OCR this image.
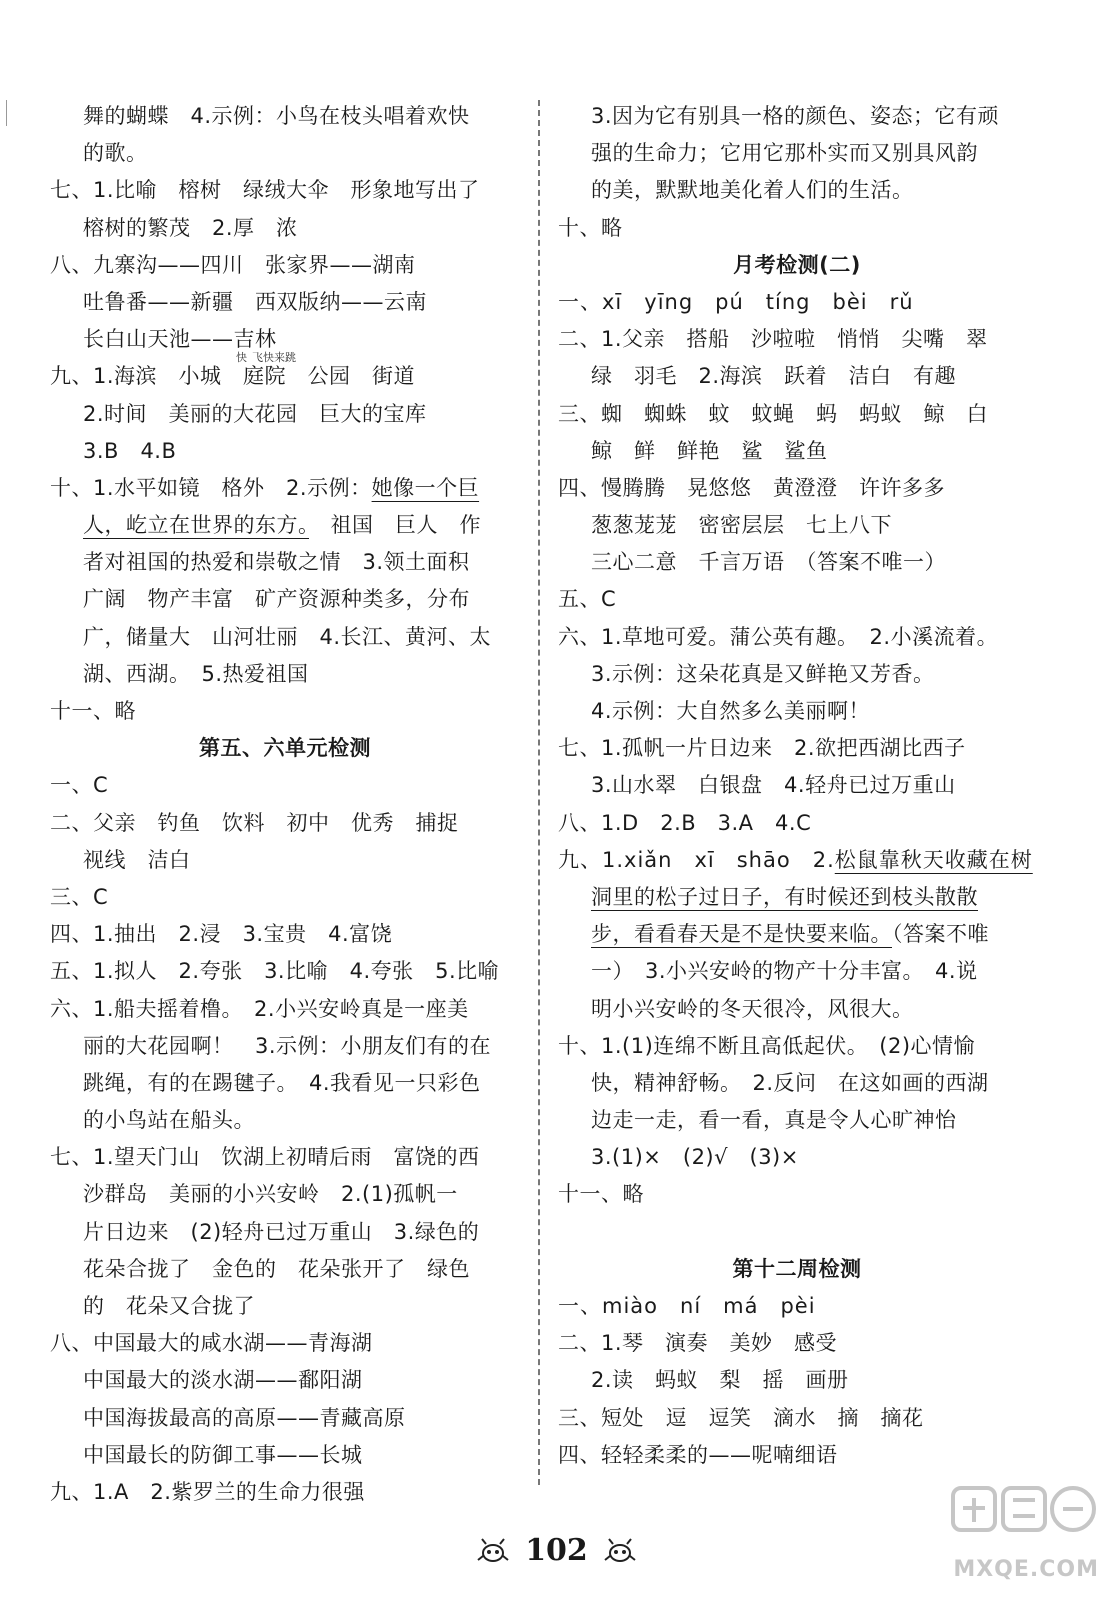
舞的蝴蝶　4.示例：小鸟在枝头唱着欢快
的歌。
七、1.比喻　榕树　绿绒大伞　形象地写出了
榕树的繁茂　2.厚　浓
八、九寨沟——四川　张家界——湖南
吐鲁番——新疆　西双版纳——云南
长白山天池——吉林
九、1.海滨　小城　庭院　公园　街道
2.时间　美丽的大花园　巨大的宝库
3.B　4.B
十、1.水平如镜　格外　2.示例：她像一个巨
人，屹立在世界的东方。　祖国　巨人　作
者对祖国的热爱和崇敬之情　3.领土面积
广阔　物产丰富　矿产资源种类多，分布
广，储量大　山河壮丽　4.长江、黄河、太
湖、西湖。　5.热爱祖国
十一、略
第五、六单元检测
一、C
二、父亲　钓鱼　饮料　初中　优秀　捕捉
视线　洁白
三、C
四、1.抽出　2.浸　3.宝贵　4.富饶
五、1.拟人　2.夸张　3.比喻　4.夸张　5.比喻
六、1.船夫摇着橹。　2.小兴安岭真是一座美
丽的大花园啊！　3.示例：小朋友们有的在
跳绳，有的在踢毽子。　4.我看见一只彩色
的小鸟站在船头。
七、1.望天门山　饮湖上初晴后雨　富饶的西
沙群岛　美丽的小兴安岭　2.(1)孤帆一
片日边来　(2)轻舟已过万重山　3.绿色的
花朵合拢了　金色的　花朵张开了　绿色
的　花朵又合拢了
八、中国最大的咸水湖——青海湖
中国最大的淡水湖——鄱阳湖
中国海拔最高的高原——青藏高原
中国最长的防御工事——长城
九、1.A　2.紫罗兰的生命力很强
快 飞快来跳
3.因为它有别具一格的颜色、姿态；它有顽
强的生命力；它用它那朴实而又别具风韵
的美，默默地美化着人们的生活。
十、略
月考检测(二)
一、xī　yīng　pú　tíng　bèi　rǔ
二、1.父亲　搭船　沙啦啦　悄悄　尖嘴　翠
绿　羽毛　2.海滨　跃着　洁白　有趣
三、蜘　蜘蛛　蚊　蚊蝇　蚂　蚂蚁　鲸　白
鲸　鲜　鲜艳　鲨　鲨鱼
四、慢腾腾　晃悠悠　黄澄澄　许许多多
葱葱茏茏　密密层层　七上八下
三心二意　千言万语　（答案不唯一）
五、C
六、1.草地可爱。蒲公英有趣。　2.小溪流着。
3.示例：这朵花真是又鲜艳又芳香。
4.示例：大自然多么美丽啊！
七、1.孤帆一片日边来　2.欲把西湖比西子
3.山水翠　白银盘　4.轻舟已过万重山
八、1.D　2.B　3.A　4.C
九、1.xiǎn　xī　shāo　2.松鼠靠秋天收藏在树
洞里的松子过日子，有时候还到枝头散散
步，看看春天是不是快要来临。（答案不唯
一）　3.小兴安岭的物产十分丰富。　4.说
明小兴安岭的冬天很冷，风很大。
十、1.(1)连绵不断且高低起伏。　(2)心情愉
快，精神舒畅。　2.反问　在这如画的西湖
边走一走，看一看，真是令人心旷神怡
3.(1)×　(2)√　(3)×
十一、略
第十二周检测
一、miào　ní　má　pèi
二、1.琴　演奏　美妙　感受
2.读　蚂蚁　梨　摇　画册
三、短处　逗　逗笑　滴水　摘　摘花
四、轻轻柔柔的——呢喃细语
102
MXQE.COM
